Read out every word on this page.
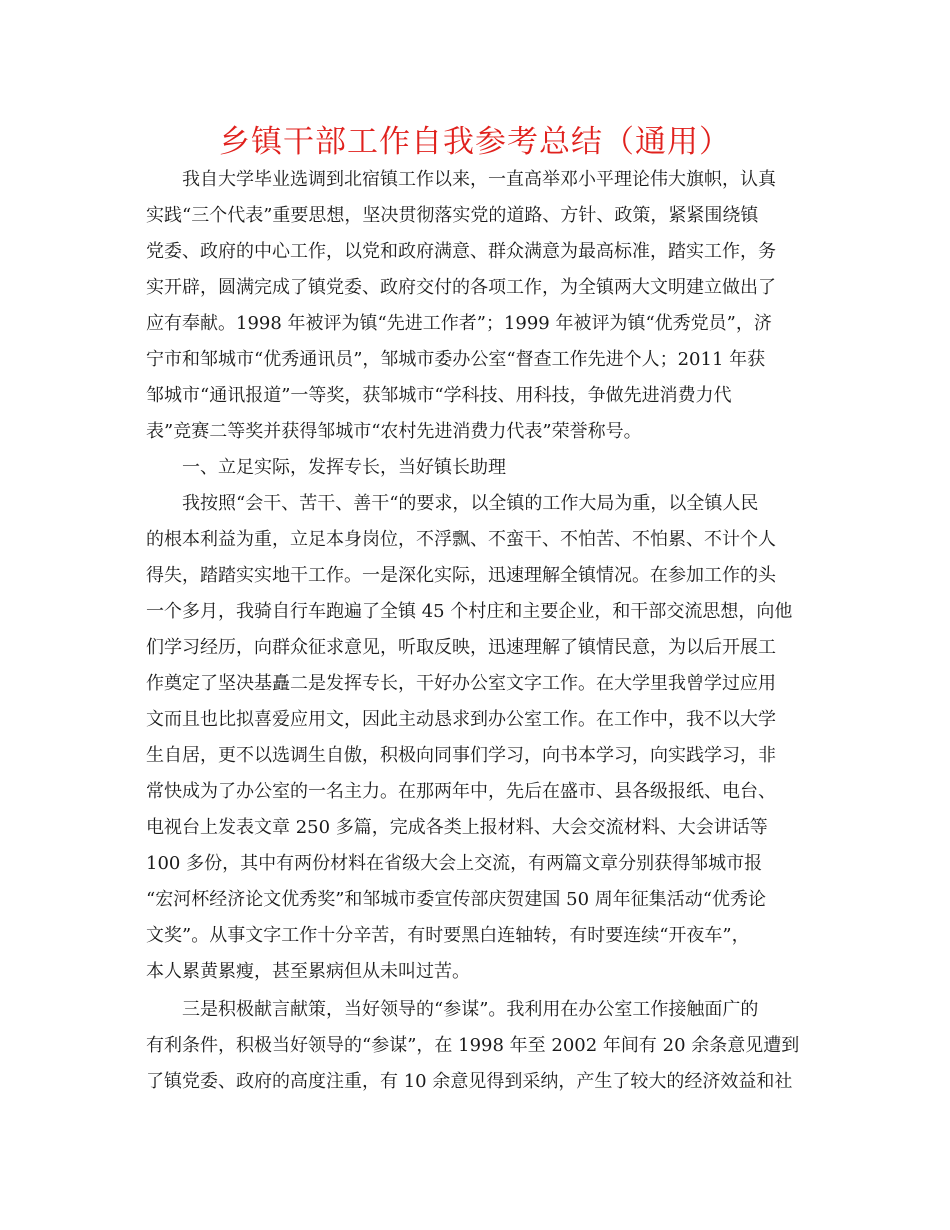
乡镇干部工作自我参考总结（通用）
我自大学毕业选调到北宿镇工作以来，一直高举邓小平理论伟大旗帜，认真
实践“三个代表”重要思想，坚决贯彻落实党的道路、方针、政策，紧紧围绕镇
党委、政府的中心工作，以党和政府满意、群众满意为最高标准，踏实工作，务
实开辟，圆满完成了镇党委、政府交付的各项工作，为全镇两大文明建立做出了
应有奉献。1998 年被评为镇“先进工作者”；1999 年被评为镇“优秀党员”，济
宁市和邹城市“优秀通讯员”，邹城市委办公室“督查工作先进个人；2011 年获
邹城市“通讯报道”一等奖，获邹城市“学科技、用科技，争做先进消费力代
表”竞赛二等奖并获得邹城市“农村先进消费力代表”荣誉称号。
一、立足实际，发挥专长，当好镇长助理
我按照“会干、苦干、善干“的要求，以全镇的工作大局为重，以全镇人民
的根本利益为重，立足本身岗位，不浮飘、不蛮干、不怕苦、不怕累、不计个人
得失，踏踏实实地干工作。一是深化实际，迅速理解全镇情况。在参加工作的头
一个多月，我骑自行车跑遍了全镇 45 个村庄和主要企业，和干部交流思想，向他
们学习经历，向群众征求意见，听取反映，迅速理解了镇情民意，为以后开展工
作奠定了坚决基矗二是发挥专长，干好办公室文字工作。在大学里我曾学过应用
文而且也比拟喜爱应用文，因此主动恳求到办公室工作。在工作中，我不以大学
生自居，更不以选调生自傲，积极向同事们学习，向书本学习，向实践学习，非
常快成为了办公室的一名主力。在那两年中，先后在盛市、县各级报纸、电台、
电视台上发表文章 250 多篇，完成各类上报材料、大会交流材料、大会讲话等
100 多份，其中有两份材料在省级大会上交流，有两篇文章分别获得邹城市报
“宏河杯经济论文优秀奖”和邹城市委宣传部庆贺建国 50 周年征集活动“优秀论
文奖”。从事文字工作十分辛苦，有时要黑白连轴转，有时要连续“开夜车”，
本人累黄累瘦，甚至累病但从未叫过苦。
三是积极献言献策，当好领导的“参谋”。我利用在办公室工作接触面广的
有利条件，积极当好领导的“参谋”，在 1998 年至 2002 年间有 20 余条意见遭到
了镇党委、政府的高度注重，有 10 余意见得到采纳，产生了较大的经济效益和社
